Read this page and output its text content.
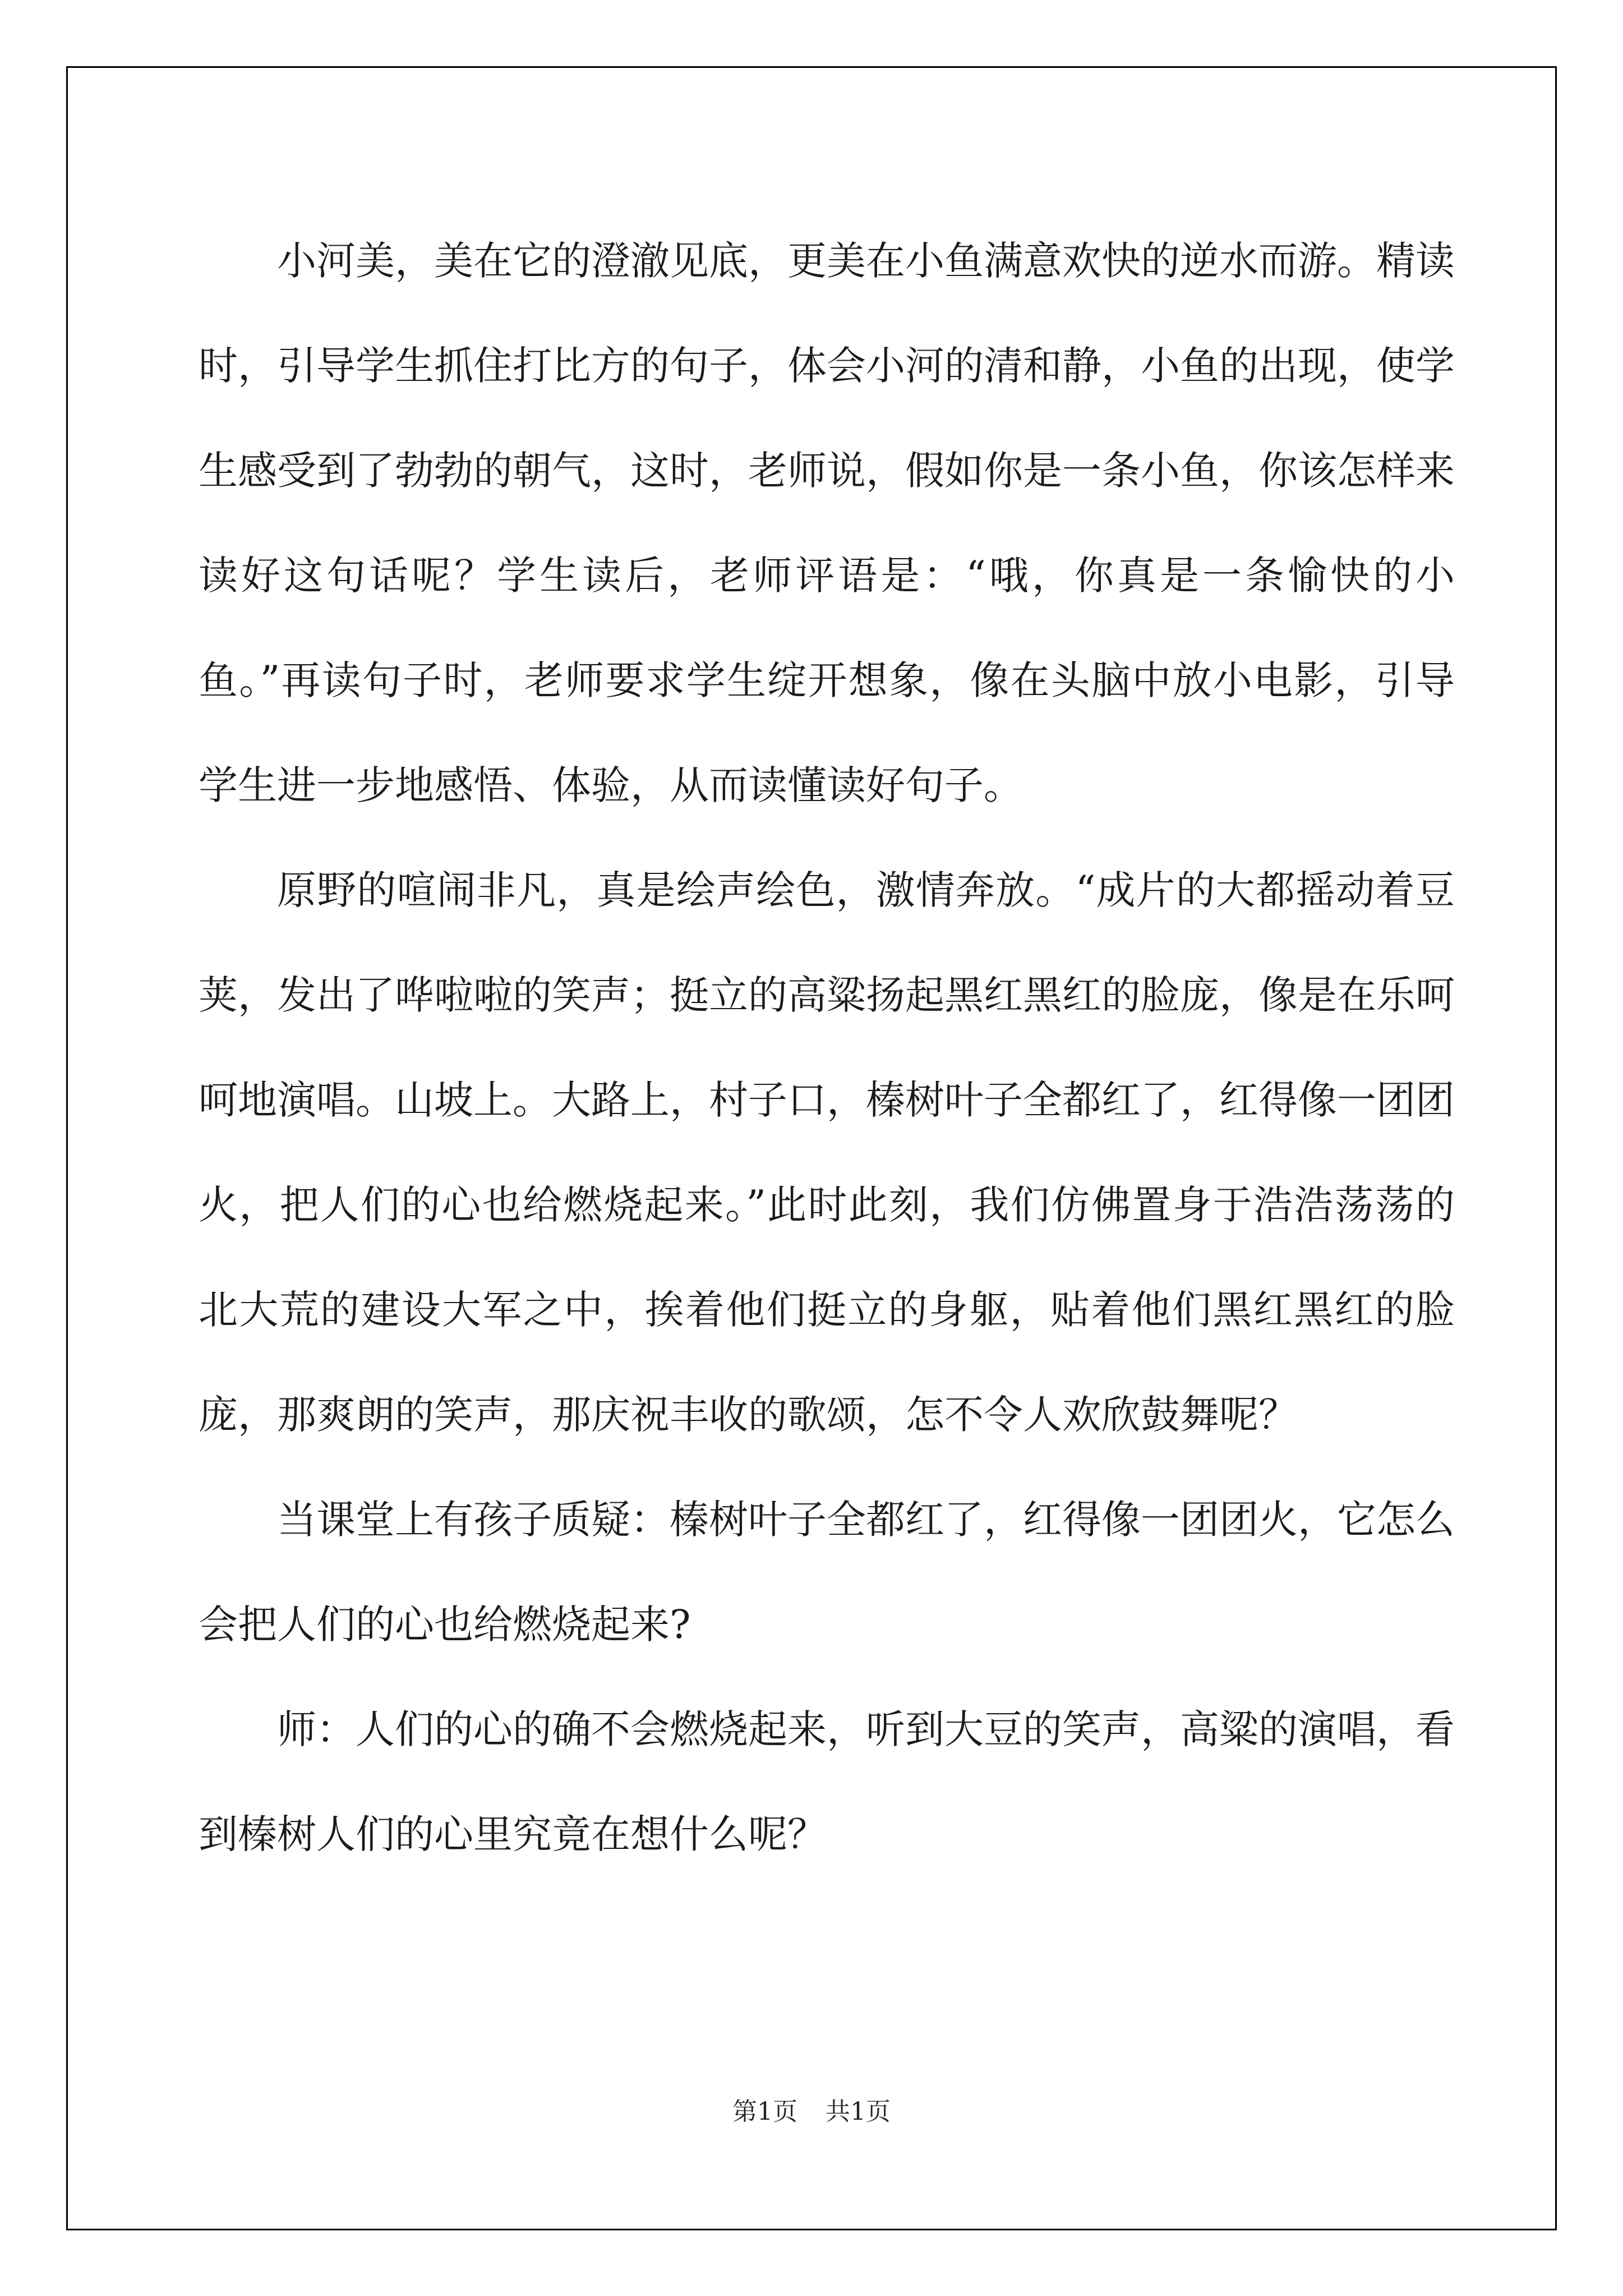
小河美，美在它的澄澈见底，更美在小鱼满意欢快的逆水而游。精读时，引导学生抓住打比方的句子，体会小河的清和静，小鱼的出现，使学生感受到了勃勃的朝气，这时，老师说，假如你是一条小鱼，你该怎样来读好这句话呢？学生读后，老师评语是：“哦，你真是一条愉快的小鱼。”再读句子时，老师要求学生绽开想象，像在头脑中放小电影，引导学生进一步地感悟、体验，从而读懂读好句子。

原野的喧闹非凡，真是绘声绘色，激情奔放。“成片的大都摇动着豆荚，发出了哗啦啦的笑声；挺立的高粱扬起黑红黑红的脸庞，像是在乐呵呵地演唱。山坡上。大路上，村子口，榛树叶子全都红了，红得像一团团火，把人们的心也给燃烧起来。”此时此刻，我们仿佛置身于浩浩荡荡的北大荒的建设大军之中，挨着他们挺立的身躯，贴着他们黑红黑红的脸庞，那爽朗的笑声，那庆祝丰收的歌颂，怎不令人欢欣鼓舞呢？

当课堂上有孩子质疑：榛树叶子全都红了，红得像一团团火，它怎么会把人们的心也给燃烧起来?

师：人们的心的确不会燃烧起来，听到大豆的笑声，高粱的演唱，看到榛树人们的心里究竟在想什么呢？

第1页 共1页
